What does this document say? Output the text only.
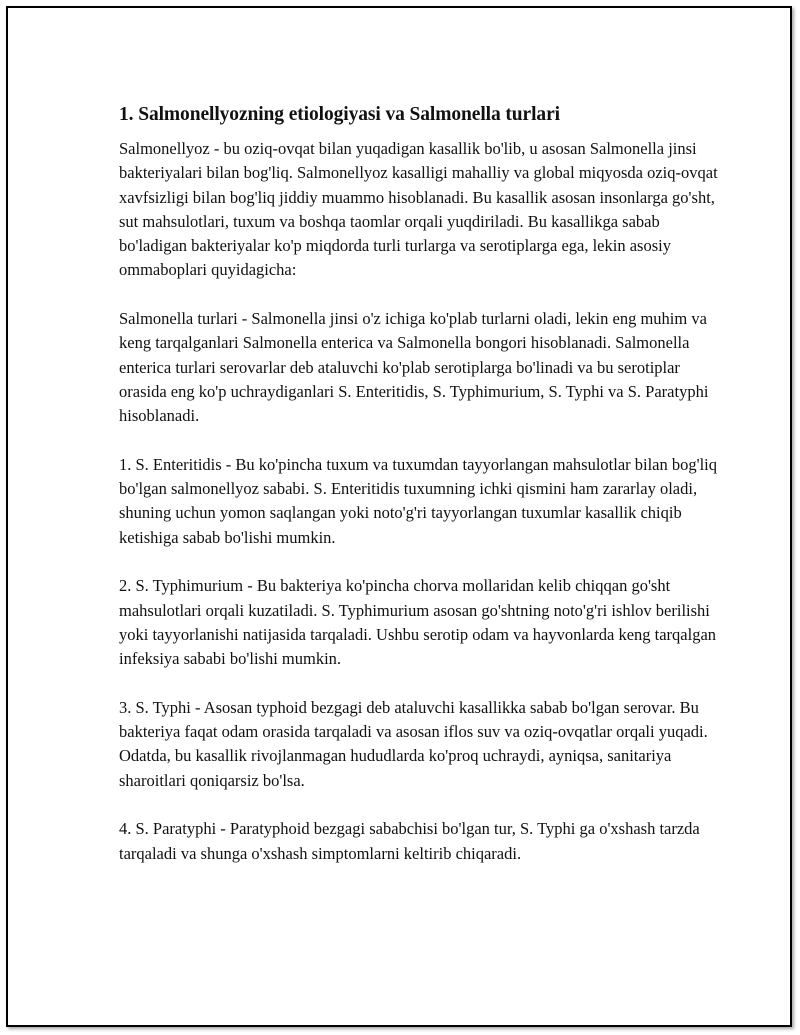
1. Salmonellyozning etiologiyasi va Salmonella turlari

Salmonellyoz - bu oziq-ovqat bilan yuqadigan kasallik bo'lib, u asosan Salmonella jinsi bakteriyalari bilan bog'liq. Salmonellyoz kasalligi mahalliy va global miqyosda oziq-ovqat xavfsizligi bilan bog'liq jiddiy muammo hisoblanadi. Bu kasallik asosan insonlarga go'sht, sut mahsulotlari, tuxum va boshqa taomlar orqali yuqdiriladi. Bu kasallikga sabab bo'ladigan bakteriyalar ko'p miqdorda turli turlarga va serotiplarga ega, lekin asosiy ommaboplari quyidagicha:

Salmonella turlari - Salmonella jinsi o'z ichiga ko'plab turlarni oladi, lekin eng muhim va keng tarqalganlari Salmonella enterica va Salmonella bongori hisoblanadi. Salmonella enterica turlari serovarlar deb ataluvchi ko'plab serotiplarga bo'linadi va bu serotiplar orasida eng ko'p uchraydiganlari S. Enteritidis, S. Typhimurium, S. Typhi va S. Paratyphi hisoblanadi.

1. S. Enteritidis - Bu ko'pincha tuxum va tuxumdan tayyorlangan mahsulotlar bilan bog'liq bo'lgan salmonellyoz sababi. S. Enteritidis tuxumning ichki qismini ham zararlay oladi, shuning uchun yomon saqlangan yoki noto'g'ri tayyorlangan tuxumlar kasallik chiqib ketishiga sabab bo'lishi mumkin.

2. S. Typhimurium - Bu bakteriya ko'pincha chorva mollaridan kelib chiqqan go'sht mahsulotlari orqali kuzatiladi. S. Typhimurium asosan go'shtning noto'g'ri ishlov berilishi yoki tayyorlanishi natijasida tarqaladi. Ushbu serotip odam va hayvonlarda keng tarqalgan infeksiya sababi bo'lishi mumkin.

3. S. Typhi - Asosan typhoid bezgagi deb ataluvchi kasallikka sabab bo'lgan serovar. Bu bakteriya faqat odam orasida tarqaladi va asosan iflos suv va oziq-ovqatlar orqali yuqadi. Odatda, bu kasallik rivojlanmagan hududlarda ko'proq uchraydi, ayniqsa, sanitariya sharoitlari qoniqarsiz bo'lsa.

4. S. Paratyphi - Paratyphoid bezgagi sababchisi bo'lgan tur, S. Typhi ga o'xshash tarzda tarqaladi va shunga o'xshash simptomlarni keltirib chiqaradi.
